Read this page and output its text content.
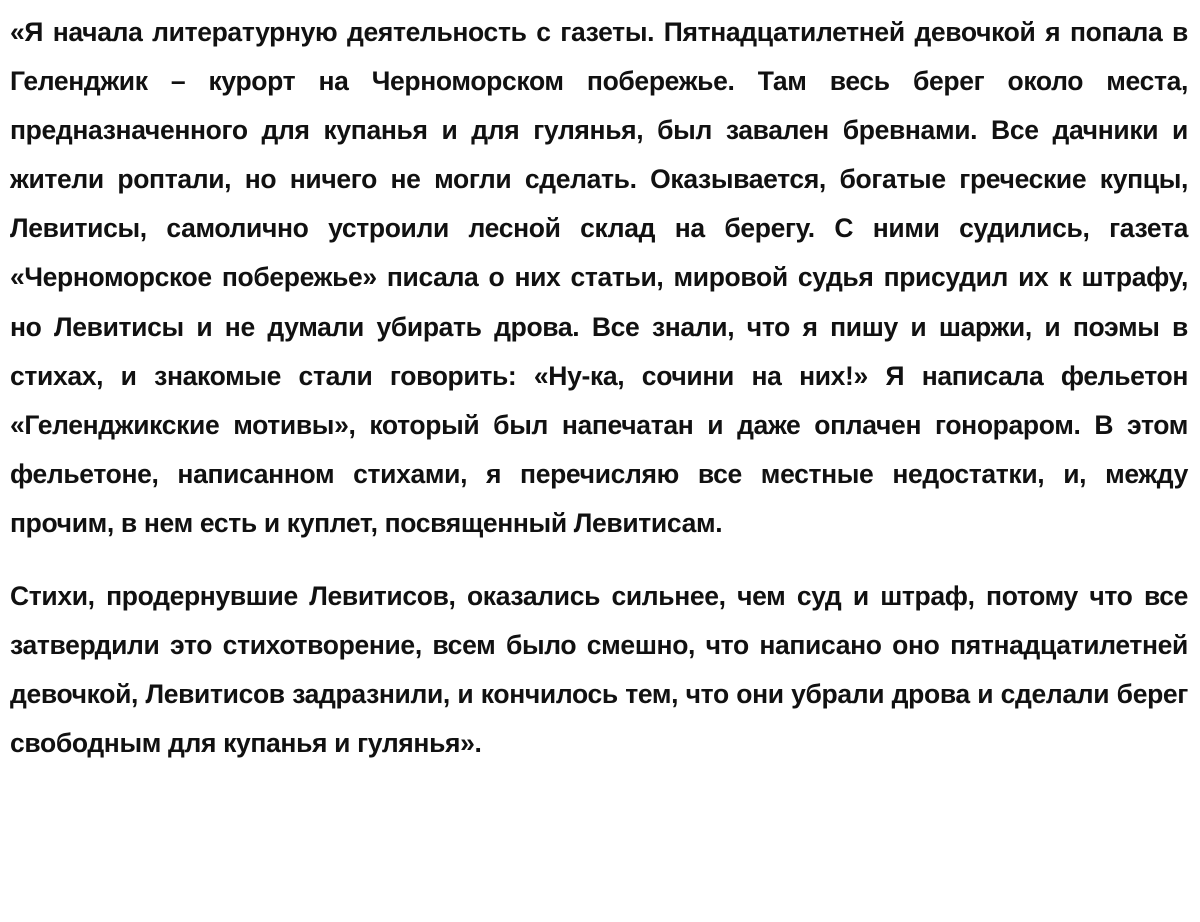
«Я начала литературную деятельность с газеты. Пятнадцатилетней девочкой я попала в Геленджик – курорт на Черноморском побережье. Там весь берег около места, предназначенного для купанья и для гулянья, был завален бревнами. Все дачники и жители роптали, но ничего не могли сделать. Оказывается, богатые греческие купцы, Левитисы, самолично устроили лесной склад на берегу. С ними судились, газета «Черноморское побережье» писала о них статьи, мировой судья присудил их к штрафу, но Левитисы и не думали убирать дрова. Все знали, что я пишу и шаржи, и поэмы в стихах, и знакомые стали говорить: «Ну-ка, сочини на них!» Я написала фельетон «Геленджикские мотивы», который был напечатан и даже оплачен гонораром. В этом фельетоне, написанном стихами, я перечисляю все местные недостатки, и, между прочим, в нем есть и куплет, посвященный Левитисам.

Стихи, продернувшие Левитисов, оказались сильнее, чем суд и штраф, потому что все затвердили это стихотворение, всем было смешно, что написано оно пятнадцатилетней девочкой, Левитисов задразнили, и кончилось тем, что они убрали дрова и сделали берег свободным для купанья и гулянья».
